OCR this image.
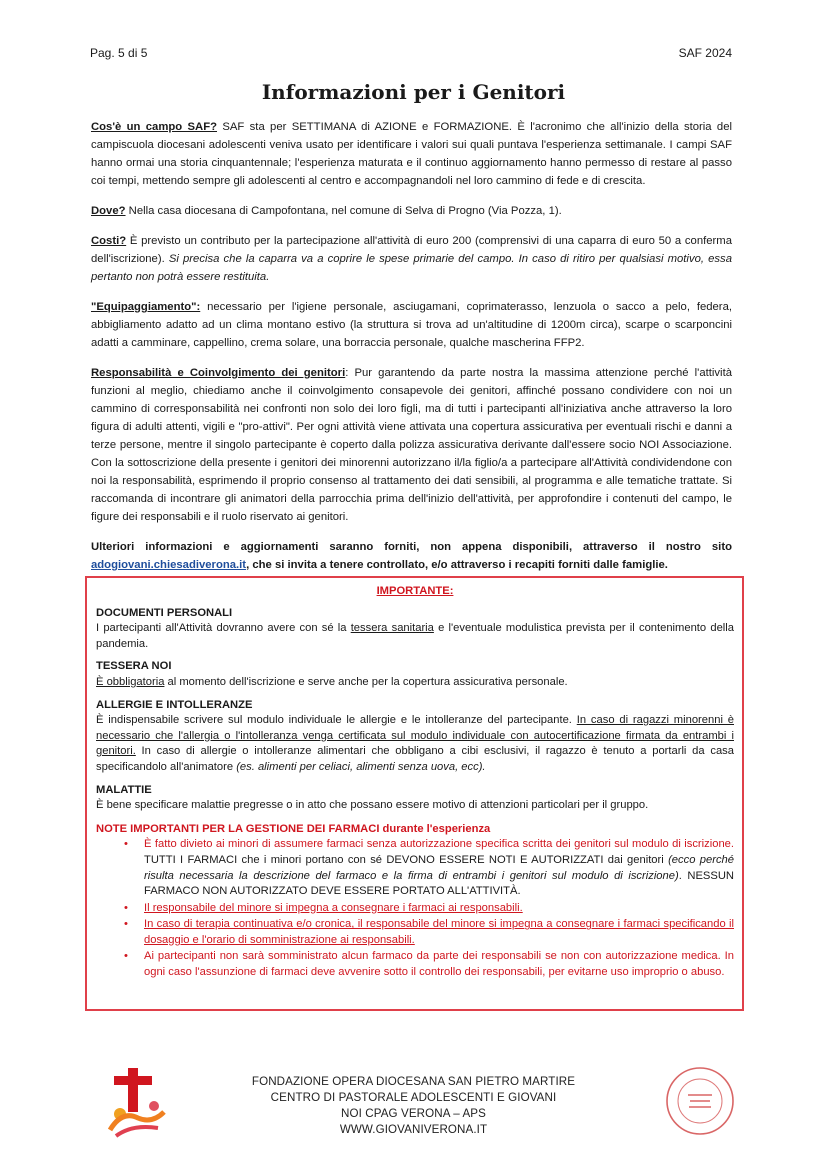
Pag. 5 di 5	SAF 2024
Informazioni per i Genitori

Cos'è un campo SAF? SAF sta per SETTIMANA di AZIONE e FORMAZIONE. È l'acronimo che all'inizio della storia del campiscuola diocesani adolescenti veniva usato per identificare i valori sui quali puntava l'esperienza settimanale. I campi SAF hanno ormai una storia cinquantennale; l'esperienza maturata e il continuo aggiornamento hanno permesso di restare al passo coi tempi, mettendo sempre gli adolescenti al centro e accompagnandoli nel loro cammino di fede e di crescita.

Dove? Nella casa diocesana di Campofontana, nel comune di Selva di Progno (Via Pozza, 1).

Costi? È previsto un contributo per la partecipazione all'attività di euro 200 (comprensivi di una caparra di euro 50 a conferma dell'iscrizione). Si precisa che la caparra va a coprire le spese primarie del campo. In caso di ritiro per qualsiasi motivo, essa pertanto non potrà essere restituita.

"Equipaggiamento": necessario per l'igiene personale, asciugamani, coprimaterasso, lenzuola o sacco a pelo, federa, abbigliamento adatto ad un clima montano estivo (la struttura si trova ad un'altitudine di 1200m circa), scarpe o scarponcini adatti a camminare, cappellino, crema solare, una borraccia personale, qualche mascherina FFP2.

Responsabilità e Coinvolgimento dei genitori: Pur garantendo da parte nostra la massima attenzione perché l'attività funzioni al meglio, chiediamo anche il coinvolgimento consapevole dei genitori, affinché possano condividere con noi un cammino di corresponsabilità nei confronti non solo dei loro figli, ma di tutti i partecipanti all'iniziativa anche attraverso la loro figura di adulti attenti, vigili e "pro-attivi". Per ogni attività viene attivata una copertura assicurativa per eventuali rischi e danni a terze persone, mentre il singolo partecipante è coperto dalla polizza assicurativa derivante dall'essere socio NOI Associazione. Con la sottoscrizione della presente i genitori dei minorenni autorizzano il/la figlio/a a partecipare all'Attività condividendone con noi la responsabilità, esprimendo il proprio consenso al trattamento dei dati sensibili, al programma e alle tematiche trattate. Si raccomanda di incontrare gli animatori della parrocchia prima dell'inizio dell'attività, per approfondire i contenuti del campo, le figure dei responsabili e il ruolo riservato ai genitori.

Ulteriori informazioni e aggiornamenti saranno forniti, non appena disponibili, attraverso il nostro sito adogiovani.chiesadiverona.it, che si invita a tenere controllato, e/o attraverso i recapiti forniti dalle famiglie.

IMPORTANTE:
DOCUMENTI PERSONALI
I partecipanti all'Attività dovranno avere con sé la tessera sanitaria e l'eventuale modulistica prevista per il contenimento della pandemia.
TESSERA NOI
È obbligatoria al momento dell'iscrizione e serve anche per la copertura assicurativa personale.
ALLERGIE E INTOLLERANZE
È indispensabile scrivere sul modulo individuale le allergie e le intolleranze del partecipante. In caso di ragazzi minorenni è necessario che l'allergia o l'intolleranza venga certificata sul modulo individuale con autocertificazione firmata da entrambi i genitori. In caso di allergie o intolleranze alimentari che obbligano a cibi esclusivi, il ragazzo è tenuto a portarli da casa specificandolo all'animatore (es. alimenti per celiaci, alimenti senza uova, ecc).
MALATTIE
È bene specificare malattie pregresse o in atto che possano essere motivo di attenzioni particolari per il gruppo.
NOTE IMPORTANTI PER LA GESTIONE DEI FARMACI durante l'esperienza
• È fatto divieto ai minori di assumere farmaci senza autorizzazione specifica scritta dei genitori sul modulo di iscrizione. TUTTI I FARMACI che i minori portano con sé DEVONO ESSERE NOTI E AUTORIZZATI dai genitori (ecco perché risulta necessaria la descrizione del farmaco e la firma di entrambi i genitori sul modulo di iscrizione). NESSUN FARMACO NON AUTORIZZATO DEVE ESSERE PORTATO ALL'ATTIVITÀ.
• Il responsabile del minore si impegna a consegnare i farmaci ai responsabili.
• In caso di terapia continuativa e/o cronica, il responsabile del minore si impegna a consegnare i farmaci specificando il dosaggio e l'orario di somministrazione ai responsabili.
• Ai partecipanti non sarà somministrato alcun farmaco da parte dei responsabili se non con autorizzazione medica. In ogni caso l'assunzione di farmaci deve avvenire sotto il controllo dei responsabili, per evitarne uso improprio o abuso.
FONDAZIONE OPERA DIOCESANA SAN PIETRO MARTIRE
CENTRO DI PASTORALE ADOLESCENTI E GIOVANI
NOI CPAG VERONA – APS
WWW.GIOVANIVERONA.IT
